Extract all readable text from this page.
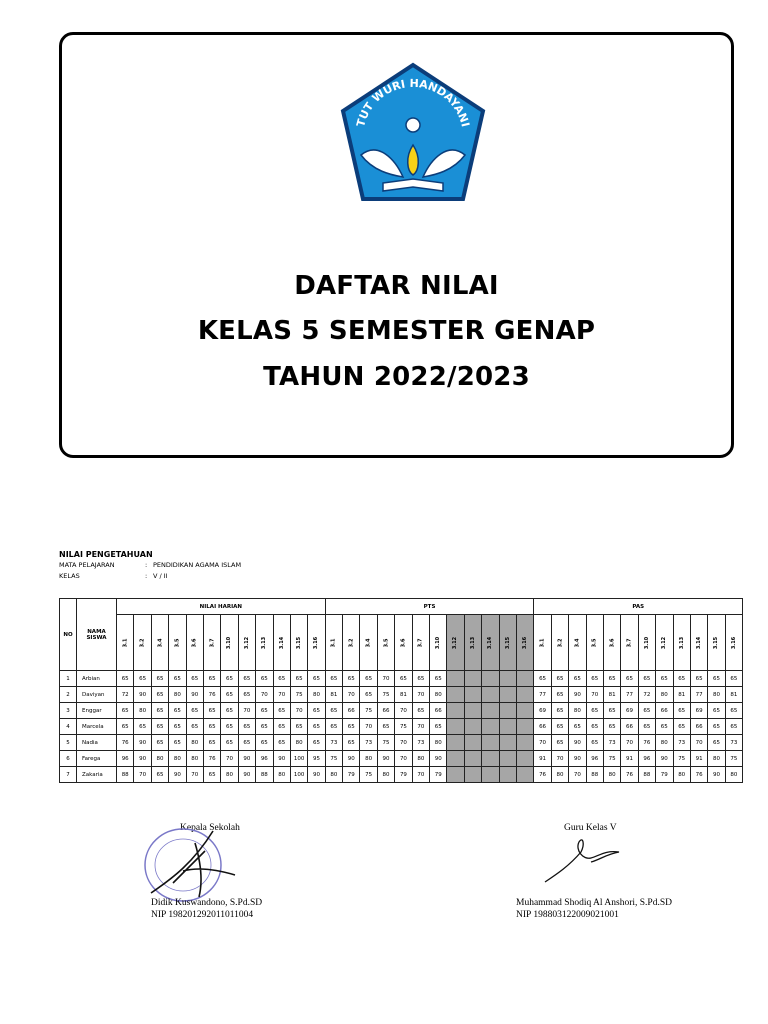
TUT WURI HANDAYANI
DAFTAR NILAI
KELAS 5 SEMESTER GENAP
TAHUN 2022/2023
NILAI PENGETAHUAN
MATA PELAJARAN	: PENDIDIKAN AGAMA ISLAM
KELAS	: V / II
NO	NAMA SISWA	NILAI HARIAN												PTS												PAS											
		3.1	3.2	3.4	3.5	3.6	3.7	3.10	3.12	3.13	3.14	3.15	3.16	3.1	3.2	3.4	3.5	3.6	3.7	3.10	3.12	3.13	3.14	3.15	3.16	3.1	3.2	3.4	3.5	3.6	3.7	3.10	3.12	3.13	3.14	3.15	3.16
1	Arbian	65	65	65	65	65	65	65	65	65	65	65	65	65	65	65	70	65	65	65						65	65	65	65	65	65	65	65	65	65	65	65
2	Daviyan	72	90	65	80	90	76	65	65	70	70	75	80	81	70	65	75	81	70	80						77	65	90	70	81	77	72	80	81	77	80	81
3	Enggar	65	80	65	65	65	65	65	70	65	65	70	65	65	66	75	66	70	65	66						69	65	80	65	65	69	65	66	65	69	65	65
4	Marcela	65	65	65	65	65	65	65	65	65	65	65	65	65	65	70	65	75	70	65						66	65	65	65	65	66	65	65	65	66	65	65
5	Nadia	76	90	65	65	80	65	65	65	65	65	80	65	73	65	73	75	70	73	80						70	65	90	65	73	70	76	80	73	70	65	73
6	Farega	96	90	80	80	80	76	70	90	96	90	100	95	75	90	80	90	70	80	90						91	70	90	96	75	91	96	90	75	91	80	75
7	Zakaria	88	70	65	90	70	65	80	90	88	80	100	90	80	79	75	80	79	70	79						76	80	70	88	80	76	88	79	80	76	90	80
Kepala Sekolah
Didik Kuswandono, S.Pd.SD
NIP 198201292011011004
Guru Kelas V
Muhammad Shodiq Al Anshori, S.Pd.SD
NIP 198803122009021001
